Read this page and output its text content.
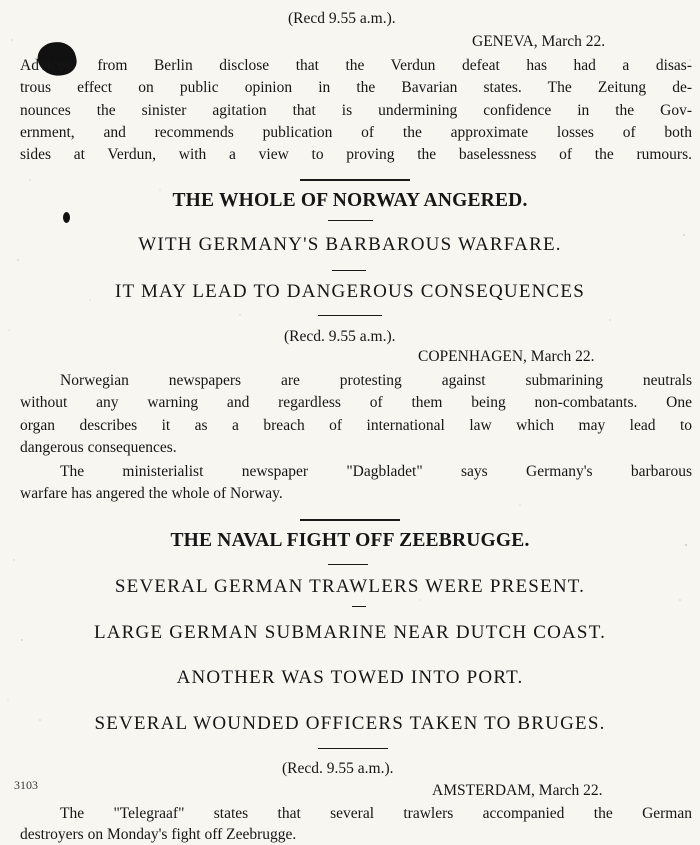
(Recd 9.55 a.m.).
GENEVA, March 22.
Advices from Berlin disclose that the Verdun defeat has had a disas-
trous effect on public opinion in the Bavarian states. The Zeitung de-
nounces the sinister agitation that is undermining confidence in the Gov-
ernment, and recommends publication of the approximate losses of both
sides at Verdun, with a view to proving the baselessness of the rumours.
THE WHOLE OF NORWAY ANGERED.
WITH GERMANY'S BARBAROUS WARFARE.
IT MAY LEAD TO DANGEROUS CONSEQUENCES
(Recd. 9.55 a.m.).
COPENHAGEN, March 22.
Norwegian newspapers are protesting against submarining neutrals
without any warning and regardless of them being non-combatants. One
organ describes it as a breach of international law which may lead to
dangerous consequences.
The ministerialist newspaper "Dagbladet" says Germany's barbarous
warfare has angered the whole of Norway.
THE NAVAL FIGHT OFF ZEEBRUGGE.
SEVERAL GERMAN TRAWLERS WERE PRESENT.
LARGE GERMAN SUBMARINE NEAR DUTCH COAST.
ANOTHER WAS TOWED INTO PORT.
SEVERAL WOUNDED OFFICERS TAKEN TO BRUGES.
3103
(Recd. 9.55 a.m.).
AMSTERDAM, March 22.
The "Telegraaf" states that several trawlers accompanied the German
destroyers on Monday's fight off Zeebrugge.
